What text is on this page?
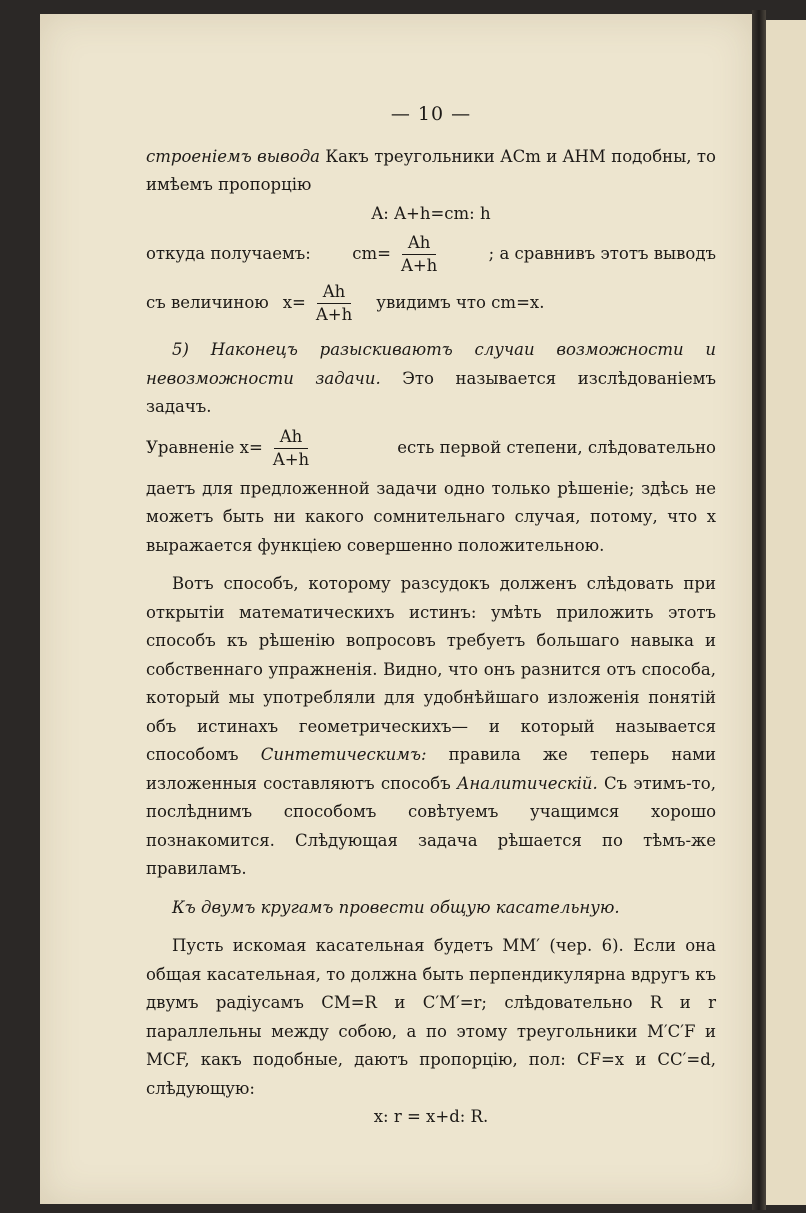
— 10 —

строенiемъ вывода Какъ треугольники АCm и AHM подобны, то имѣемъ пропорцiю

A: A+h=cm: h

откуда получаемъ:	$cm= \frac{Ah}{A+h}$	; а сравнивъ этотъ выводъ
съ величиною $x= \frac{Ah}{A+h}$ увидимъ что cm=x.

5) Наконецъ разыскиваютъ случаи возможности и невозможности задачи. Это называется изслѣдованiемъ задачъ.

Уравненiе $x= \frac{Ah}{A+h}$	есть первой степени, слѣдовательно

даетъ для предложенной задачи одно только рѣшенiе; здѣсь не можетъ быть ни какого сомнительнаго случая, потому, что x выражается функцiею совершенно положительною.

Вотъ способъ, которому разсудокъ долженъ слѣдовать при открытiи математическихъ истинъ: умѣть приложить этотъ способъ къ рѣшенiю вопросовъ требуетъ большаго навыка и собственнаго упражненiя. Видно, что онъ разнится отъ способа, который мы употребляли для удобнѣйшаго изложенiя понятiй объ истинахъ геометрическихъ— и который называется способомъ Синтетическимъ: правила же теперь нами изложенныя составляютъ способъ Аналитическiй. Съ этимъ-то, послѣднимъ способомъ совѣтуемъ учащимся хорошо познакомится. Слѣдующая задача рѣшается по тѣмъ-же правиламъ.

Къ двумъ кругамъ провести общую касательную.

Пусть искомая касательная будетъ MM′ (чер. 6). Если она общая касательная, то должна быть перпендикулярна вдругъ къ двумъ радiусамъ CM=R и C′M′=r; слѣдовательно R и r параллельны между собою, а по этому треугольники M′C′F и MCF, какъ подобные, даютъ пропорцiю, пол: CF=x и CC′=d, слѣдующую:

x: r = x+d: R.
